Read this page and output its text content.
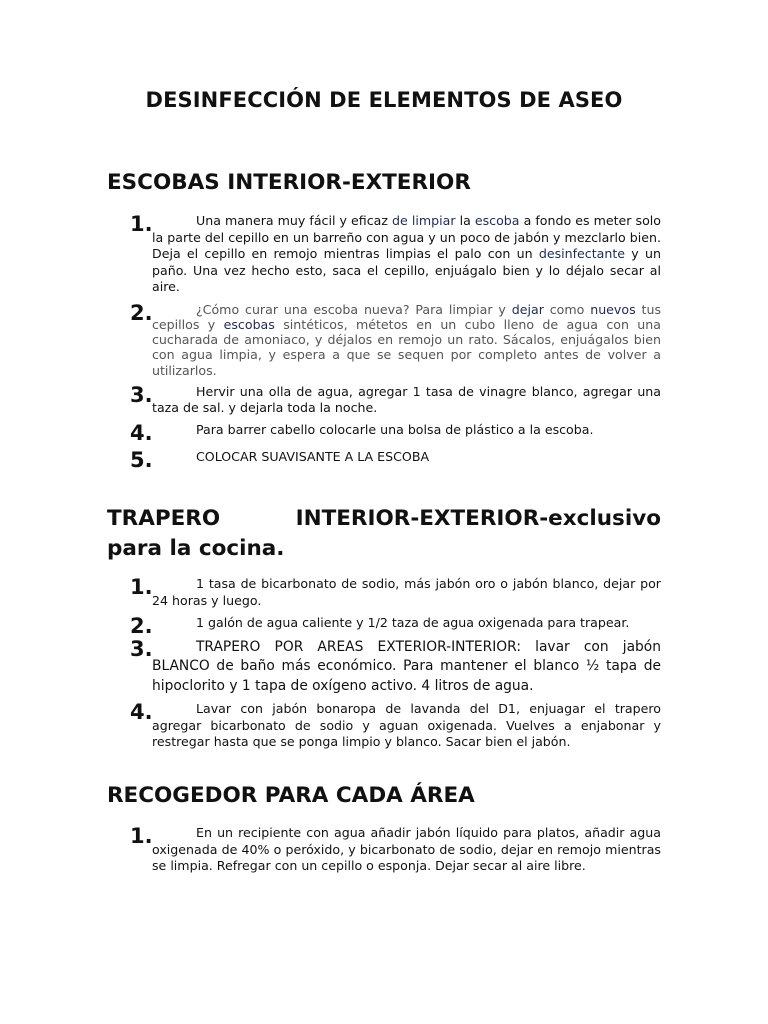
DESINFECCIÓN DE ELEMENTOS DE ASEO
ESCOBAS INTERIOR-EXTERIOR
1.	Una manera muy fácil y eficaz de limpiar la escoba a fondo es meter solo la parte del cepillo en un barreño con agua y un poco de jabón y mezclarlo bien. Deja el cepillo en remojo mientras limpias el palo con un desinfectante y un paño. Una vez hecho esto, saca el cepillo, enjuágalo bien y lo déjalo secar al aire.
2.	¿Cómo curar una escoba nueva? Para limpiar y dejar como nuevos tus cepillos y escobas sintéticos, métetos en un cubo lleno de agua con una cucharada de amoniaco, y déjalos en remojo un rato. Sácalos, enjuágalos bien con agua limpia, y espera a que se sequen por completo antes de volver a utilizarlos.
3.	Hervir una olla de agua, agregar 1 tasa de vinagre blanco, agregar una taza de sal. y dejarla toda la noche.
4.	Para barrer cabello colocarle una bolsa de plástico a la escoba.
5.	COLOCAR SUAVISANTE A LA ESCOBA
TRAPERO INTERIOR-EXTERIOR-exclusivo
para la cocina.
1.	1 tasa de bicarbonato de sodio, más jabón oro o jabón blanco, dejar por 24 horas y luego.
2.	1 galón de agua caliente y 1/2 taza de agua oxigenada para trapear.
3.	TRAPERO POR AREAS EXTERIOR-INTERIOR: lavar con jabón BLANCO de baño más económico. Para mantener el blanco ½ tapa de hipoclorito y 1 tapa de oxígeno activo. 4 litros de agua.
4.	Lavar con jabón bonaropa de lavanda del D1, enjuagar el trapero agregar bicarbonato de sodio y aguan oxigenada. Vuelves a enjabonar y restregar hasta que se ponga limpio y blanco. Sacar bien el jabón.
RECOGEDOR PARA CADA ÁREA
1.	En un recipiente con agua añadir jabón líquido para platos, añadir agua oxigenada de 40% o peróxido, y bicarbonato de sodio, dejar en remojo mientras se limpia. Refregar con un cepillo o esponja. Dejar secar al aire libre.
